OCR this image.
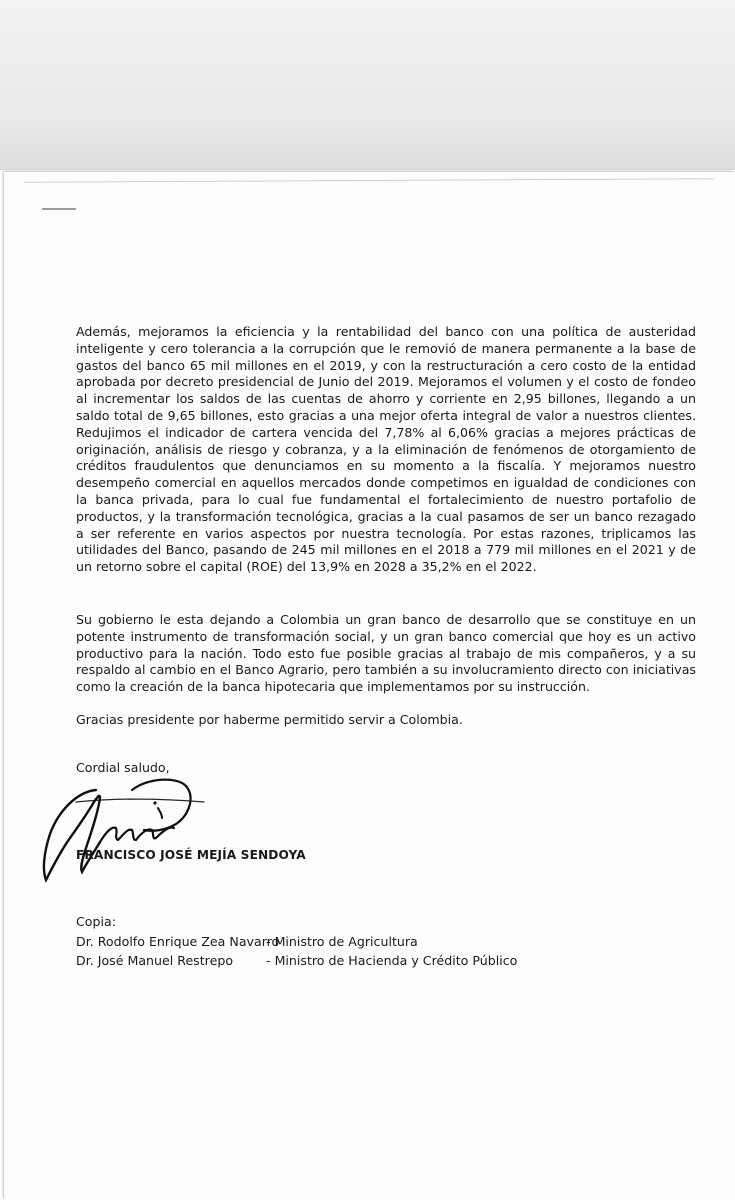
Además, mejoramos la eficiencia y la rentabilidad del banco con una política de austeridad inteligente y cero tolerancia a la corrupción que le removió de manera permanente a la base de gastos del banco 65 mil millones en el 2019, y con la restructuración a cero costo de la entidad aprobada por decreto presidencial de Junio del 2019. Mejoramos el volumen y el costo de fondeo al incrementar los saldos de las cuentas de ahorro y corriente en 2,95 billones, llegando a un saldo total de 9,65 billones, esto gracias a una mejor oferta integral de valor a nuestros clientes. Redujimos el indicador de cartera vencida del 7,78% al 6,06% gracias a mejores prácticas de originación, análisis de riesgo y cobranza, y a la eliminación de fenómenos de otorgamiento de créditos fraudulentos que denunciamos en su momento a la fiscalía. Y mejoramos nuestro desempeño comercial en aquellos mercados donde competimos en igualdad de condiciones con la banca privada, para lo cual fue fundamental el fortalecimiento de nuestro portafolio de productos, y la transformación tecnológica, gracias a la cual pasamos de ser un banco rezagado a ser referente en varios aspectos por nuestra tecnología. Por estas razones, triplicamos las utilidades del Banco, pasando de 245 mil millones en el 2018 a 779 mil millones en el 2021 y de un retorno sobre el capital (ROE) del 13,9% en 2028 a 35,2% en el 2022.

Su gobierno le esta dejando a Colombia un gran banco de desarrollo que se constituye en un potente instrumento de transformación social, y un gran banco comercial que hoy es un activo productivo para la nación. Todo esto fue posible gracias al trabajo de mis compañeros, y a su respaldo al cambio en el Banco Agrario, pero también a su involucramiento directo con iniciativas como la creación de la banca hipotecaria que implementamos por su instrucción.

Gracias presidente por haberme permitido servir a Colombia.

Cordial saludo,

FRANCISCO JOSÉ MEJÍA SENDOYA
Copia:
Dr. Rodolfo Enrique Zea Navarro - Ministro de Agricultura
Dr. José Manuel Restrepo	- Ministro de Hacienda y Crédito Público
